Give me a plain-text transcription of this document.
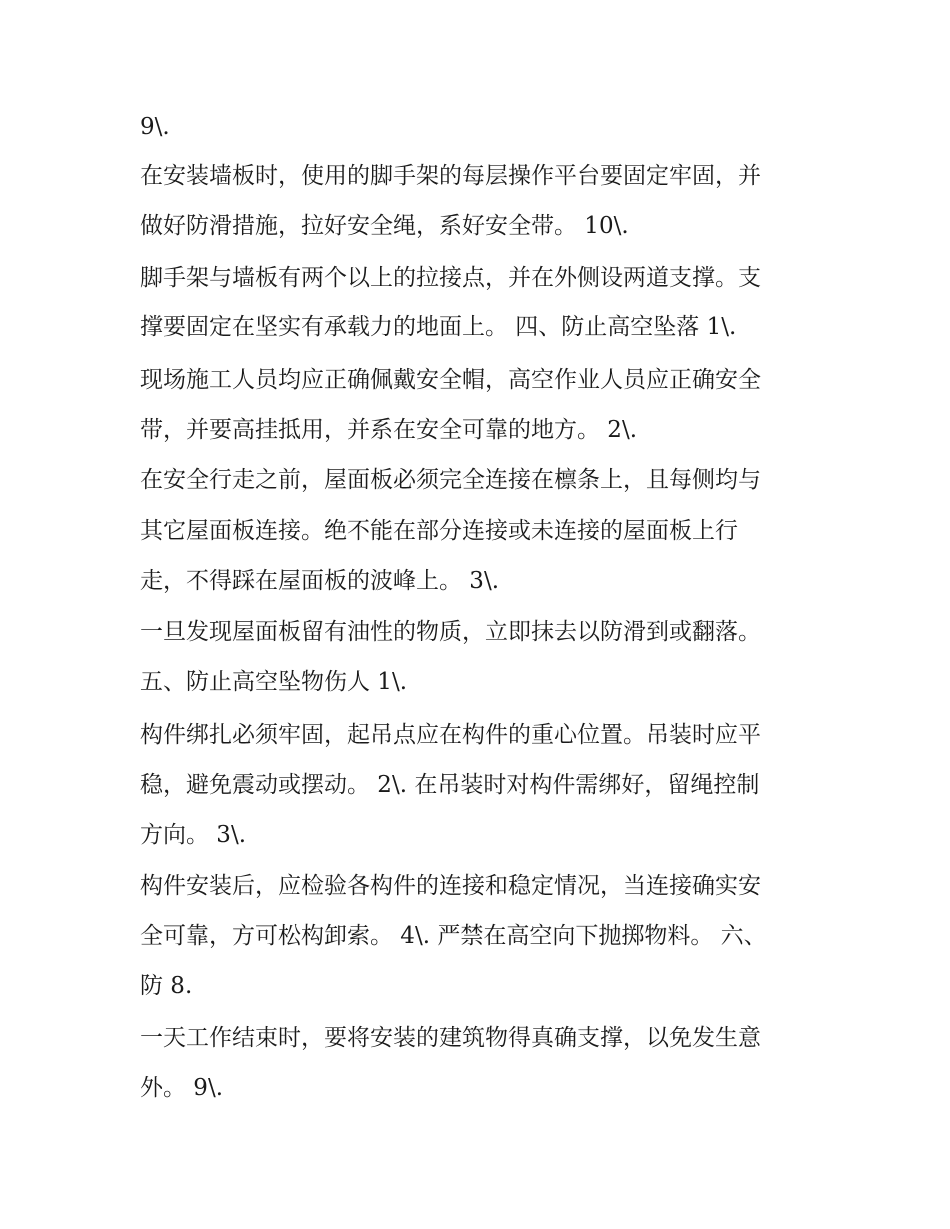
9\.
在安装墙板时，使用的脚手架的每层操作平台要固定牢固，并
做好防滑措施，拉好安全绳，系好安全带。 10\.
脚手架与墙板有两个以上的拉接点，并在外侧设两道支撑。支
撑要固定在坚实有承载力的地面上。 四、防止高空坠落 1\.
现场施工人员均应正确佩戴安全帽，高空作业人员应正确安全
带，并要高挂抵用，并系在安全可靠的地方。 2\.
在安全行走之前，屋面板必须完全连接在檩条上，且每侧均与
其它屋面板连接。绝不能在部分连接或未连接的屋面板上行
走，不得踩在屋面板的波峰上。 3\.
一旦发现屋面板留有油性的物质，立即抹去以防滑到或翻落。
五、防止高空坠物伤人 1\.
构件绑扎必须牢固，起吊点应在构件的重心位置。吊装时应平
稳，避免震动或摆动。 2\. 在吊装时对构件需绑好，留绳控制
方向。 3\.
构件安装后，应检验各构件的连接和稳定情况，当连接确实安
全可靠，方可松构卸索。 4\. 严禁在高空向下抛掷物料。 六、
防 8.
一天工作结束时，要将安装的建筑物得真确支撑，以免发生意
外。 9\.
